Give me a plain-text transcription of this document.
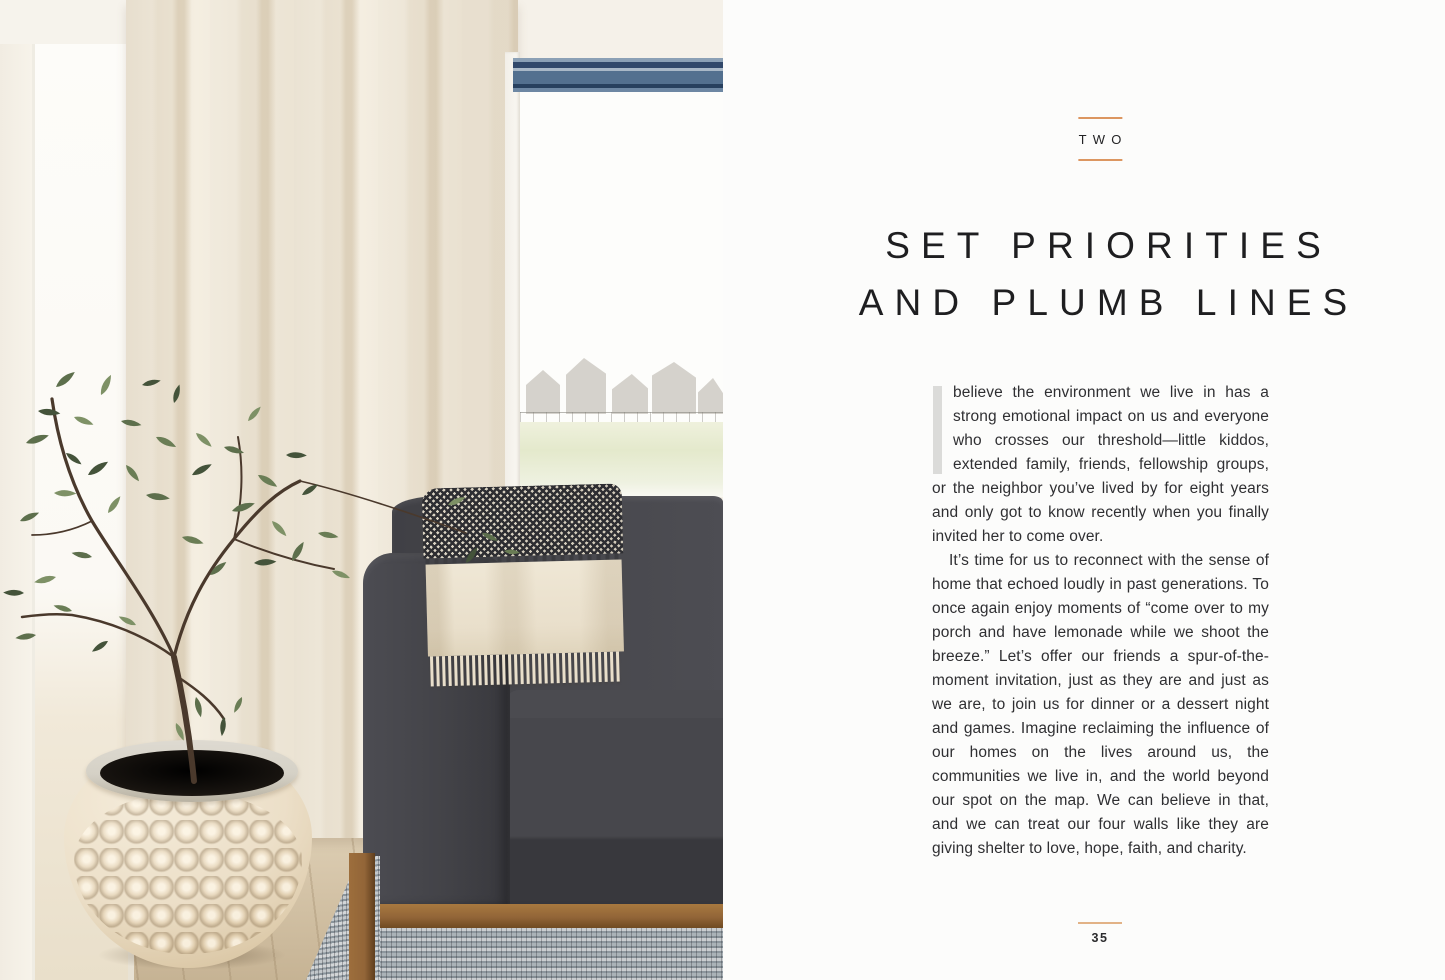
TWO
SET PRIORITIES
AND PLUMB LINES

believe the environment we live in has a strong emotional impact on us and everyone who crosses our threshold—little kiddos, extended family, friends, fellowship groups, or the neighbor you’ve lived by for eight years and only got to know recently when you finally invited her to come over.

It’s time for us to reconnect with the sense of home that echoed loudly in past generations. To once again enjoy moments of “come over to my porch and have lemonade while we shoot the breeze.” Let’s offer our friends a spur-of-the-moment invitation, just as they are and just as we are, to join us for dinner or a dessert night and games. Imagine reclaiming the influence of our homes on the lives around us, the communities we live in, and the world beyond our spot on the map. We can believe in that, and we can treat our four walls like they are giving shelter to love, hope, faith, and charity.

35
